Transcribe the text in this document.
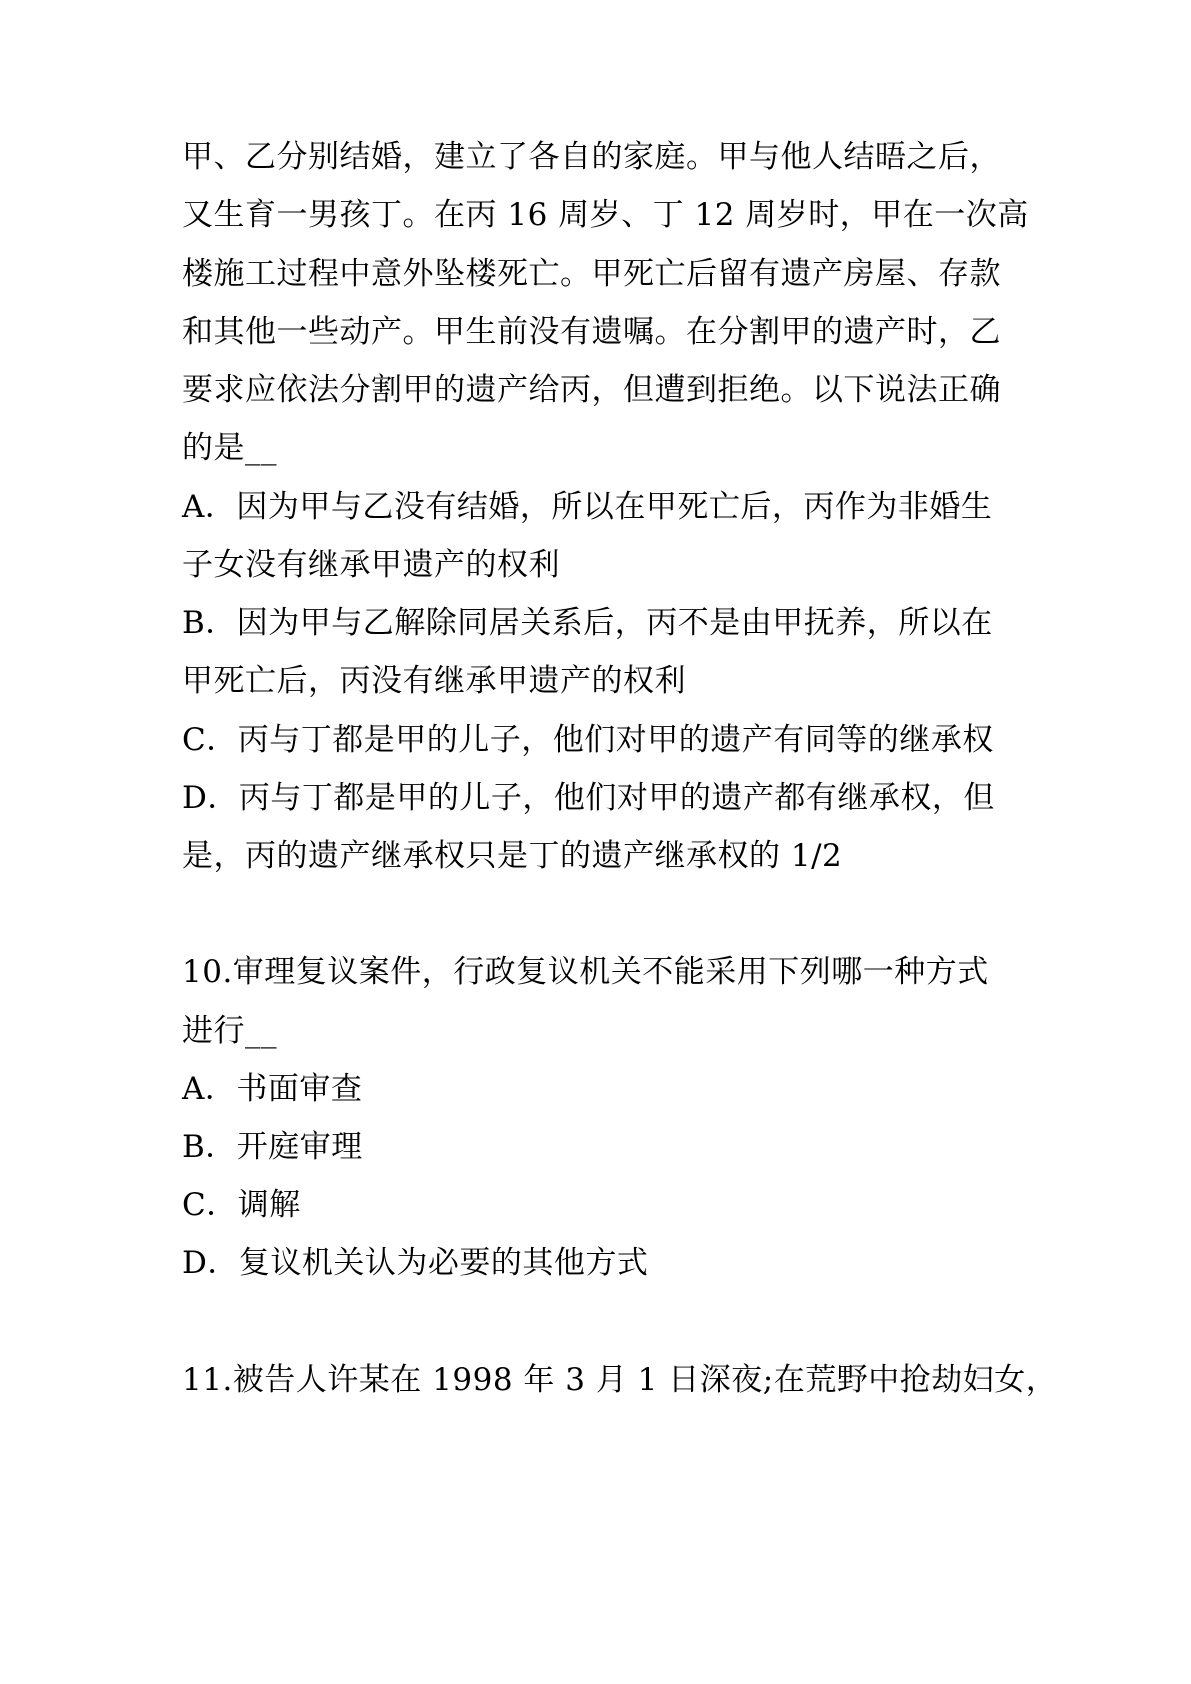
甲、乙分别结婚，建立了各自的家庭。甲与他人结晤之后，
又生育一男孩丁。在丙 16 周岁、丁 12 周岁时，甲在一次高
楼施工过程中意外坠楼死亡。甲死亡后留有遗产房屋、存款
和其他一些动产。甲生前没有遗嘱。在分割甲的遗产时，乙
要求应依法分割甲的遗产给丙，但遭到拒绝。以下说法正确
的是__
A．因为甲与乙没有结婚，所以在甲死亡后，丙作为非婚生
子女没有继承甲遗产的权利
B．因为甲与乙解除同居关系后，丙不是由甲抚养，所以在
甲死亡后，丙没有继承甲遗产的权利
C．丙与丁都是甲的儿子，他们对甲的遗产有同等的继承权
D．丙与丁都是甲的儿子，他们对甲的遗产都有继承权，但
是，丙的遗产继承权只是丁的遗产继承权的 1/2
10.审理复议案件，行政复议机关不能采用下列哪一种方式
进行__
A．书面审查
B．开庭审理
C．调解
D．复议机关认为必要的其他方式
11.被告人许某在 1998 年 3 月 1 日深夜;在荒野中抢劫妇女，
